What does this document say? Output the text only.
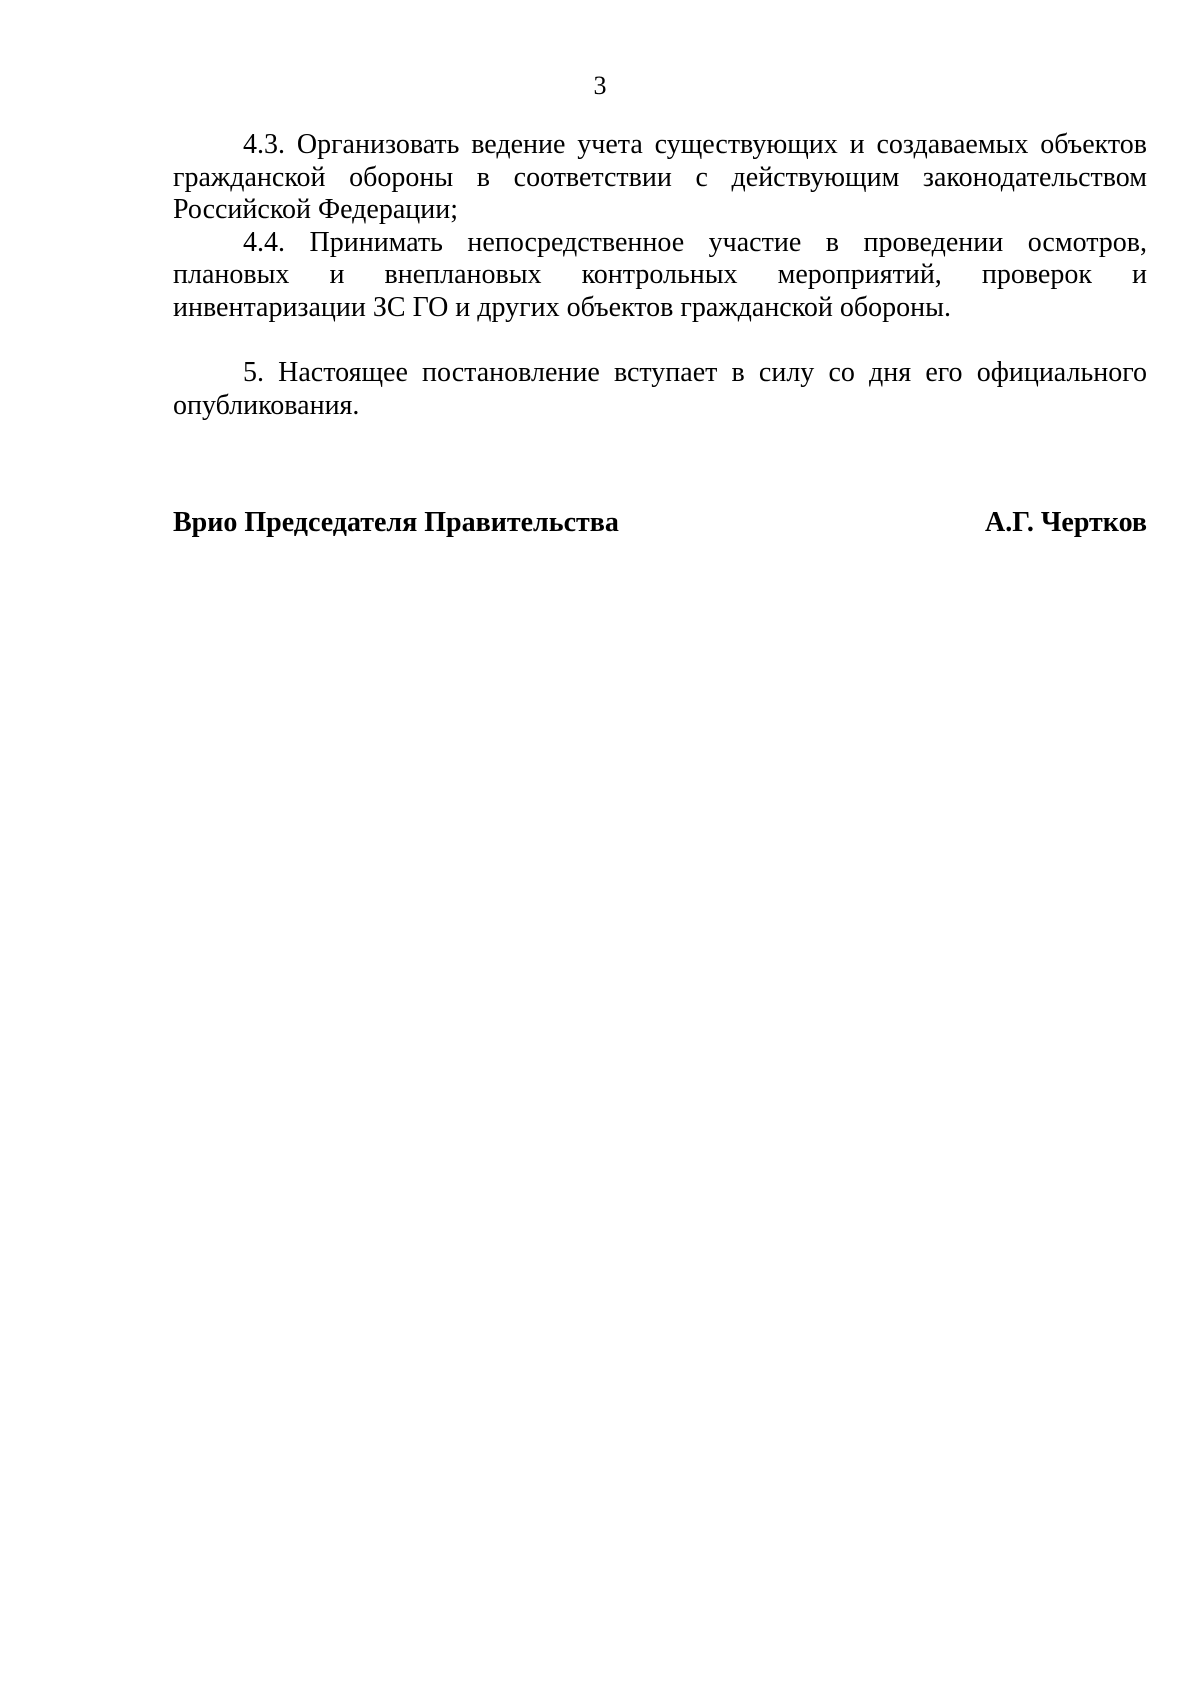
3

4.3. Организовать ведение учета существующих и создаваемых объектов гражданской обороны в соответствии с действующим законодательством Российской Федерации;

4.4. Принимать непосредственное участие в проведении осмотров, плановых и внеплановых контрольных мероприятий, проверок и инвентаризации ЗС ГО и других объектов гражданской обороны.

5. Настоящее постановление вступает в силу со дня его официального опубликования.

Врио Председателя Правительства	А.Г. Чертков
